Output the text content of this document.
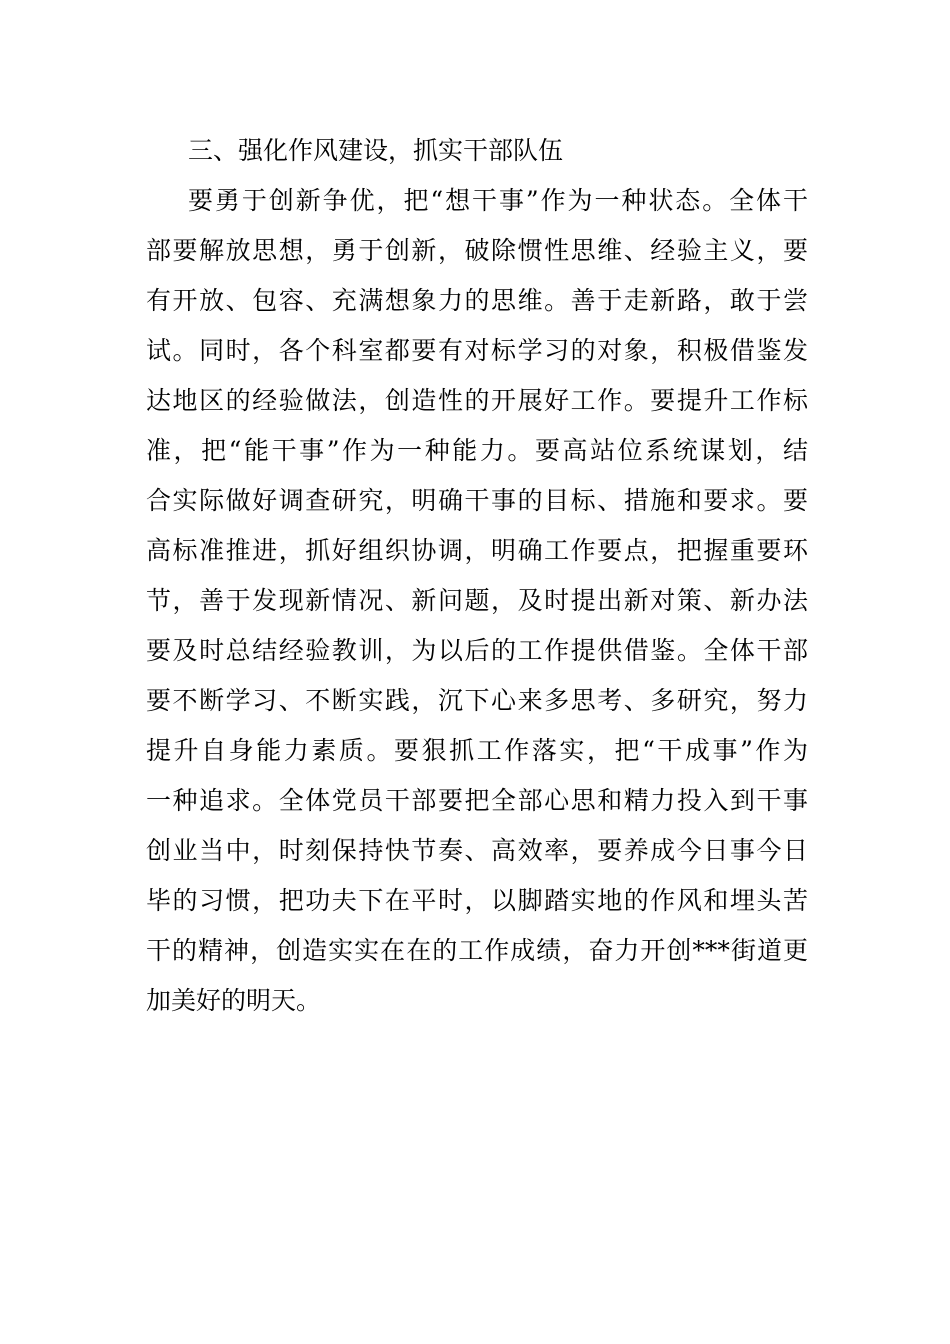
三、强化作风建设，抓实干部队伍
要勇于创新争优，把“想干事”作为一种状态。全体干
部要解放思想，勇于创新，破除惯性思维、经验主义，要
有开放、包容、充满想象力的思维。善于走新路，敢于尝
试。同时，各个科室都要有对标学习的对象，积极借鉴发
达地区的经验做法，创造性的开展好工作。要提升工作标
准，把“能干事”作为一种能力。要高站位系统谋划，结
合实际做好调查研究，明确干事的目标、措施和要求。要
高标准推进，抓好组织协调，明确工作要点，把握重要环
节，善于发现新情况、新问题，及时提出新对策、新办法
要及时总结经验教训，为以后的工作提供借鉴。全体干部
要不断学习、不断实践，沉下心来多思考、多研究，努力
提升自身能力素质。要狠抓工作落实，把“干成事”作为
一种追求。全体党员干部要把全部心思和精力投入到干事
创业当中，时刻保持快节奏、高效率，要养成今日事今日
毕的习惯，把功夫下在平时，以脚踏实地的作风和埋头苦
干的精神，创造实实在在的工作成绩，奋力开创***街道更
加美好的明天。
